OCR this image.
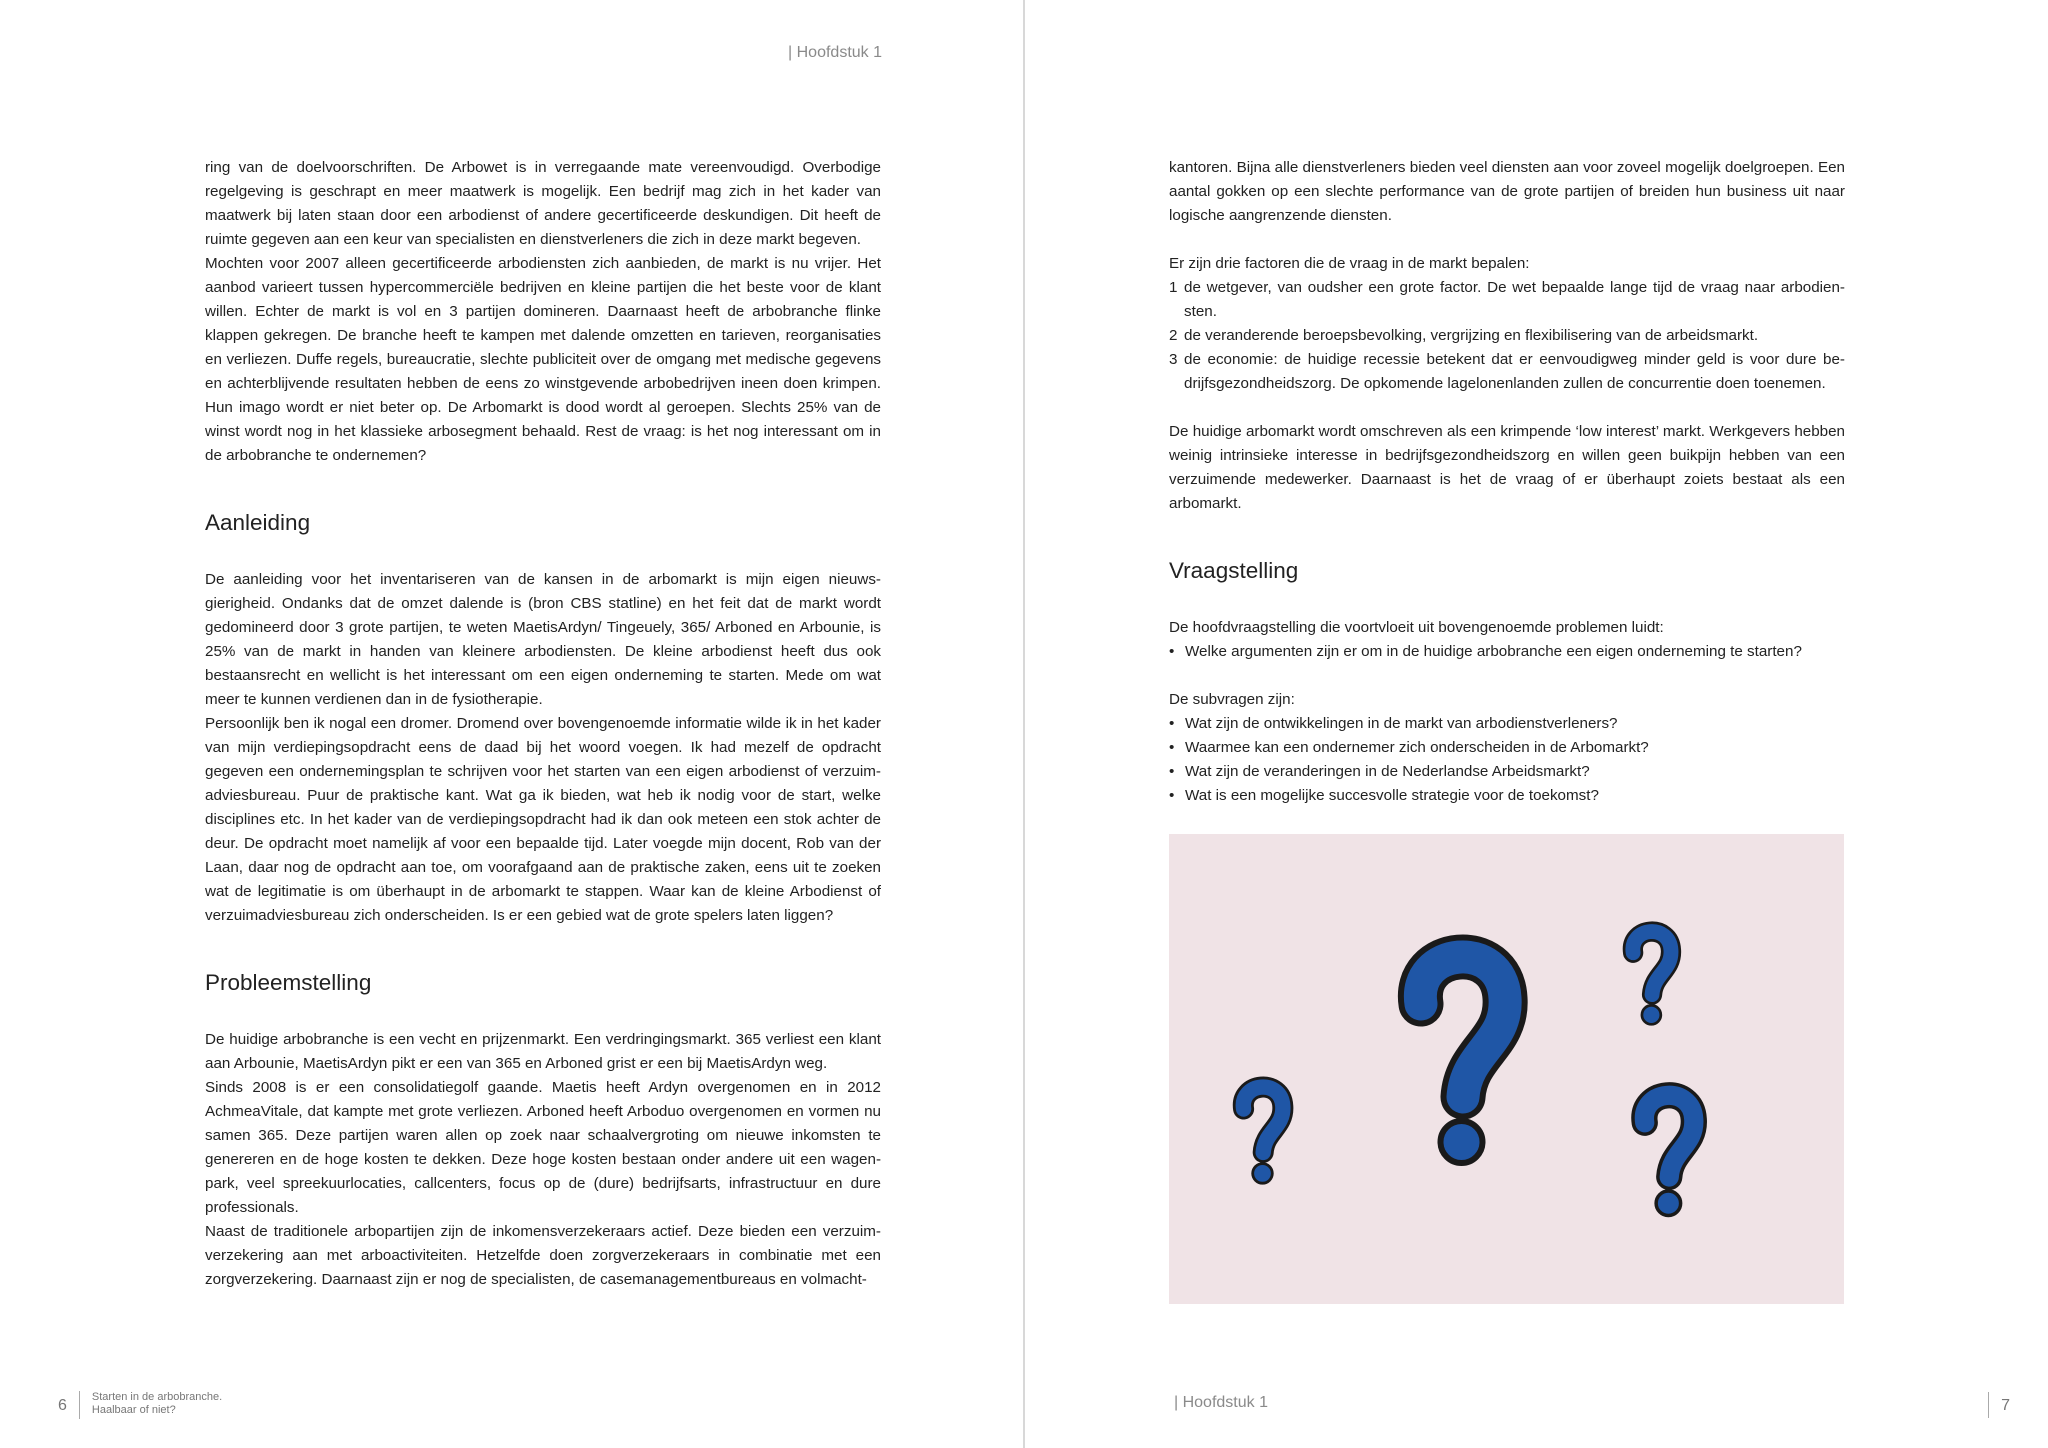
| Hoofdstuk 1

ring van de doelvoorschriften. De Arbowet is in verregaande mate vereenvoudigd. Overbodige regelgeving is geschrapt en meer maatwerk is mogelijk. Een bedrijf mag zich in het kader van maatwerk bij laten staan door een arbodienst of andere gecertificeerde deskundigen. Dit heeft de ruimte gegeven aan een keur van specialisten en dienstverleners die zich in deze markt begeven.

Mochten voor 2007 alleen gecertificeerde arbodiensten zich aanbieden, de markt is nu vrijer. Het aanbod varieert tussen hypercommerciële bedrijven en kleine partijen die het beste voor de klant willen. Echter de markt is vol en 3 partijen domineren. Daarnaast heeft de arbobranche flinke klappen gekregen. De branche heeft te kampen met dalende omzetten en tarieven, reorganisaties en verliezen. Duffe regels, bureaucratie, slechte publiciteit over de omgang met medische gegevens en achterblijvende resultaten hebben de eens zo winstgevende arbobedrijven ineen doen krimpen. Hun imago wordt er niet beter op. De Arbomarkt is dood wordt al geroepen. Slechts 25% van de winst wordt nog in het klassieke arbosegment behaald. Rest de vraag: is het nog interessant om in de arbobranche te ondernemen?

Aanleiding

De aanleiding voor het inventariseren van de kansen in de arbomarkt is mijn eigen nieuws-gierigheid. Ondanks dat de omzet dalende is (bron CBS statline) en het feit dat de markt wordt gedomineerd door 3 grote partijen, te weten MaetisArdyn/ Tingeuely, 365/ Arboned en Arbounie, is 25% van de markt in handen van kleinere arbodiensten. De kleine arbodienst heeft dus ook bestaansrecht en wellicht is het interessant om een eigen onderneming te starten. Mede om wat meer te kunnen verdienen dan in de fysiotherapie.

Persoonlijk ben ik nogal een dromer. Dromend over bovengenoemde informatie wilde ik in het kader van mijn verdiepingsopdracht eens de daad bij het woord voegen. Ik had mezelf de opdracht gegeven een ondernemingsplan te schrijven voor het starten van een eigen arbodienst of verzuim-adviesbureau. Puur de praktische kant. Wat ga ik bieden, wat heb ik nodig voor de start, welke disciplines etc. In het kader van de verdiepingsopdracht had ik dan ook meteen een stok achter de deur. De opdracht moet namelijk af voor een bepaalde tijd. Later voegde mijn docent, Rob van der Laan, daar nog de opdracht aan toe, om voorafgaand aan de praktische zaken, eens uit te zoeken wat de legitimatie is om überhaupt in de arbomarkt te stappen. Waar kan de kleine Arbodienst of verzuimadviesbureau zich onderscheiden. Is er een gebied wat de grote spelers laten liggen?

Probleemstelling

De huidige arbobranche is een vecht en prijzenmarkt. Een verdringingsmarkt. 365 verliest een klant aan Arbounie, MaetisArdyn pikt er een van 365 en Arboned grist er een bij MaetisArdyn weg.

Sinds 2008 is er een consolidatiegolf gaande. Maetis heeft Ardyn overgenomen en in 2012 AchmeaVitale, dat kampte met grote verliezen. Arboned heeft Arboduo overgenomen en vormen nu samen 365. Deze partijen waren allen op zoek naar schaalvergroting om nieuwe inkomsten te genereren en de hoge kosten te dekken. Deze hoge kosten bestaan onder andere uit een wagen-park, veel spreekuurlocaties, callcenters, focus op de (dure) bedrijfsarts, infrastructuur en dure professionals.

Naast de traditionele arbopartijen zijn de inkomensverzekeraars actief. Deze bieden een verzuim-verzekering aan met arboactiviteiten. Hetzelfde doen zorgverzekeraars in combinatie met een zorgverzekering. Daarnaast zijn er nog de specialisten, de casemanagementbureaus en volmacht-

6 Starten in de arbobranche.
Haalbaar of niet?

kantoren. Bijna alle dienstverleners bieden veel diensten aan voor zoveel mogelijk doelgroepen. Een aantal gokken op een slechte performance van de grote partijen of breiden hun business uit naar logische aangrenzende diensten.

Er zijn drie factoren die de vraag in de markt bepalen:

1 de wetgever, van oudsher een grote factor. De wet bepaalde lange tijd de vraag naar arbodien-sten.
2 de veranderende beroepsbevolking, vergrijzing en flexibilisering van de arbeidsmarkt.
3 de economie: de huidige recessie betekent dat er eenvoudigweg minder geld is voor dure be-drijfsgezondheidszorg. De opkomende lagelonenlanden zullen de concurrentie doen toenemen.

De huidige arbomarkt wordt omschreven als een krimpende ‘low interest’ markt. Werkgevers hebben weinig intrinsieke interesse in bedrijfsgezondheidszorg en willen geen buikpijn hebben van een verzuimende medewerker. Daarnaast is het de vraag of er überhaupt zoiets bestaat als een arbomarkt.

Vraagstelling

De hoofdvraagstelling die voortvloeit uit bovengenoemde problemen luidt:

• Welke argumenten zijn er om in de huidige arbobranche een eigen onderneming te starten?

De subvragen zijn:

• Wat zijn de ontwikkelingen in de markt van arbodienstverleners?
• Waarmee kan een ondernemer zich onderscheiden in de Arbomarkt?
• Wat zijn de veranderingen in de Nederlandse Arbeidsmarkt?
• Wat is een mogelijke succesvolle strategie voor de toekomst?
| Hoofdstuk 1	7
